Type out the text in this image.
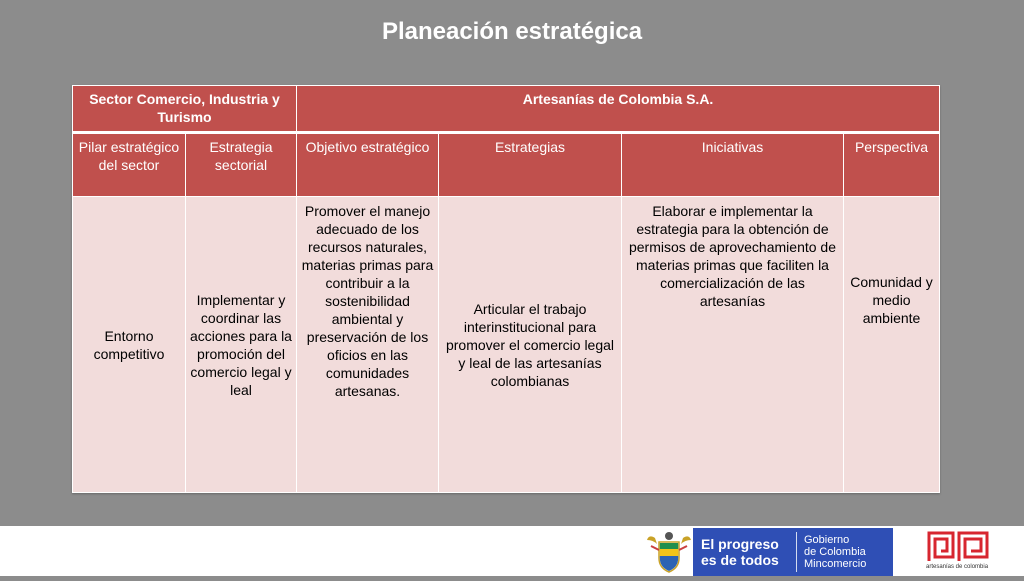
Planeación estratégica
Sector Comercio, Industria y Turismo		Artesanías de Colombia S.A.			
Pilar estratégico del sector	Estrategia sectorial	Objetivo estratégico	Estrategias	Iniciativas	Perspectiva
Entorno competitivo	Implementar y coordinar las acciones para la promoción del comercio legal y leal	Promover el manejo adecuado de los recursos naturales, materias primas para contribuir a la sostenibilidad ambiental y preservación de los oficios en las comunidades artesanas.	Articular el trabajo interinstitucional para promover el comercio legal y leal de las artesanías colombianas	Elaborar e implementar la estrategia para la obtención de permisos de aprovechamiento de materias primas que faciliten la comercialización de las artesanías	Comunidad y medio ambiente
El progreso
es de todos
Gobierno
de Colombia
Mincomercio	artesanías de colombia
